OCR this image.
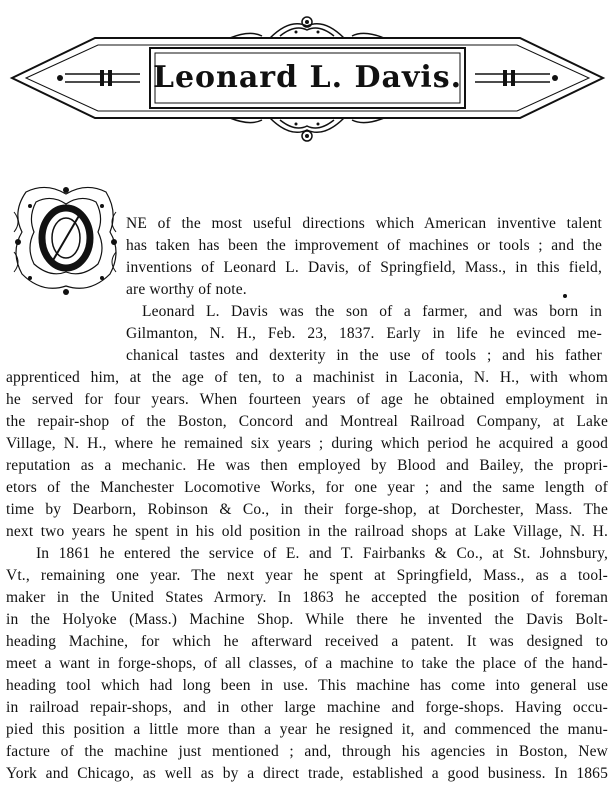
Leonard L. Davis.
NE of the most useful directions which American inventive talent
has taken has been the improvement of machines or tools ; and the
inventions of Leonard L. Davis, of Springfield, Mass., in this field,
are worthy of note.
Leonard L. Davis was the son of a farmer, and was born in
Gilmanton, N. H., Feb. 23, 1837. Early in life he evinced me-
chanical tastes and dexterity in the use of tools ; and his father
apprenticed him, at the age of ten, to a machinist in Laconia, N. H., with whom
he served for four years. When fourteen years of age he obtained employment in
the repair-shop of the Boston, Concord and Montreal Railroad Company, at Lake
Village, N. H., where he remained six years ; during which period he acquired a good
reputation as a mechanic. He was then employed by Blood and Bailey, the propri-
etors of the Manchester Locomotive Works, for one year ; and the same length of
time by Dearborn, Robinson & Co., in their forge-shop, at Dorchester, Mass. The
next two years he spent in his old position in the railroad shops at Lake Village, N. H.
In 1861 he entered the service of E. and T. Fairbanks & Co., at St. Johnsbury,
Vt., remaining one year. The next year he spent at Springfield, Mass., as a tool-
maker in the United States Armory. In 1863 he accepted the position of foreman
in the Holyoke (Mass.) Machine Shop. While there he invented the Davis Bolt-
heading Machine, for which he afterward received a patent. It was designed to
meet a want in forge-shops, of all classes, of a machine to take the place of the hand-
heading tool which had long been in use. This machine has come into general use
in railroad repair-shops, and in other large machine and forge-shops. Having occu-
pied this position a little more than a year he resigned it, and commenced the manu-
facture of the machine just mentioned ; and, through his agencies in Boston, New
York and Chicago, as well as by a direct trade, established a good business. In 1865
